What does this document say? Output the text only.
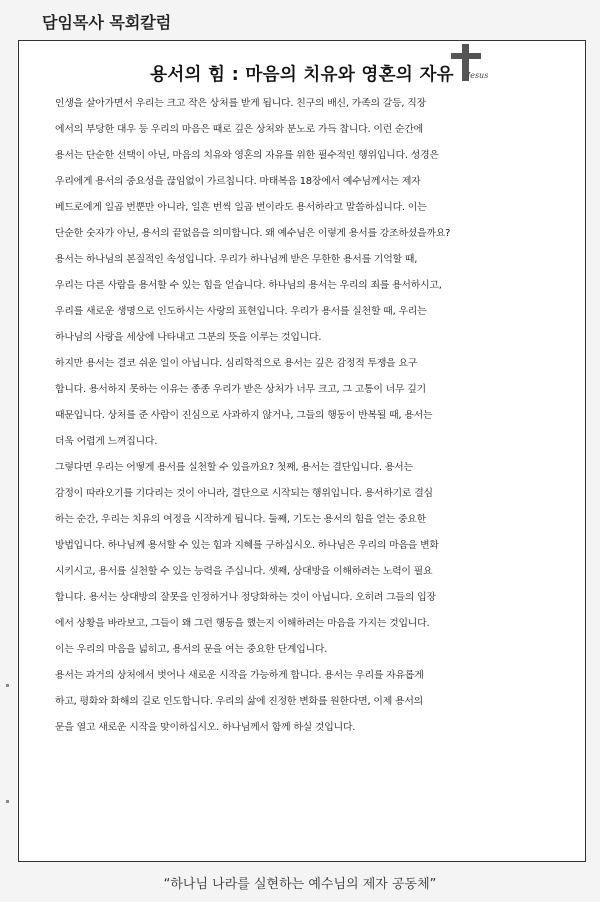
담임목사 목회칼럼
용서의 힘 : 마음의 치유와 영혼의 자유	Jesus

인생을 살아가면서 우리는 크고 작은 상처를 받게 됩니다. 친구의 배신, 가족의 갈등, 직장
에서의 부당한 대우 등 우리의 마음은 때로 깊은 상처와 분노로 가득 찹니다. 이런 순간에
용서는 단순한 선택이 아닌, 마음의 치유와 영혼의 자유를 위한 필수적인 행위입니다. 성경은
우리에게 용서의 중요성을 끊임없이 가르칩니다. 마태복음 18장에서 예수님께서는 제자
베드로에게 일곱 번뿐만 아니라, 일흔 번씩 일곱 번이라도 용서하라고 말씀하십니다. 이는
단순한 숫자가 아닌, 용서의 끝없음을 의미합니다. 왜 예수님은 이렇게 용서를 강조하셨을까요?

용서는 하나님의 본질적인 속성입니다. 우리가 하나님께 받은 무한한 용서를 기억할 때,
우리는 다른 사람을 용서할 수 있는 힘을 얻습니다. 하나님의 용서는 우리의 죄를 용서하시고,
우리를 새로운 생명으로 인도하시는 사랑의 표현입니다. 우리가 용서를 실천할 때, 우리는
하나님의 사랑을 세상에 나타내고 그분의 뜻을 이루는 것입니다.

하지만 용서는 결코 쉬운 일이 아닙니다. 심리학적으로 용서는 깊은 감정적 투쟁을 요구
합니다. 용서하지 못하는 이유는 종종 우리가 받은 상처가 너무 크고, 그 고통이 너무 깊기
때문입니다. 상처를 준 사람이 진심으로 사과하지 않거나, 그들의 행동이 반복될 때, 용서는
더욱 어렵게 느껴집니다.

그렇다면 우리는 어떻게 용서를 실천할 수 있을까요? 첫째, 용서는 결단입니다. 용서는
감정이 따라오기를 기다리는 것이 아니라, 결단으로 시작되는 행위입니다. 용서하기로 결심
하는 순간, 우리는 치유의 여정을 시작하게 됩니다. 둘째, 기도는 용서의 힘을 얻는 중요한
방법입니다. 하나님께 용서할 수 있는 힘과 지혜를 구하십시오. 하나님은 우리의 마음을 변화
시키시고, 용서를 실천할 수 있는 능력을 주십니다. 셋째, 상대방을 이해하려는 노력이 필요
합니다. 용서는 상대방의 잘못을 인정하거나 정당화하는 것이 아닙니다. 오히려 그들의 입장
에서 상황을 바라보고, 그들이 왜 그런 행동을 했는지 이해하려는 마음을 가지는 것입니다.
이는 우리의 마음을 넓히고, 용서의 문을 여는 중요한 단계입니다.

용서는 과거의 상처에서 벗어나 새로운 시작을 가능하게 합니다. 용서는 우리를 자유롭게
하고, 평화와 화해의 길로 인도합니다. 우리의 삶에 진정한 변화를 원한다면, 이제 용서의
문을 열고 새로운 시작을 맞이하십시오. 하나님께서 함께 하실 것입니다.

“하나님 나라를 실현하는 예수님의 제자 공동체”
